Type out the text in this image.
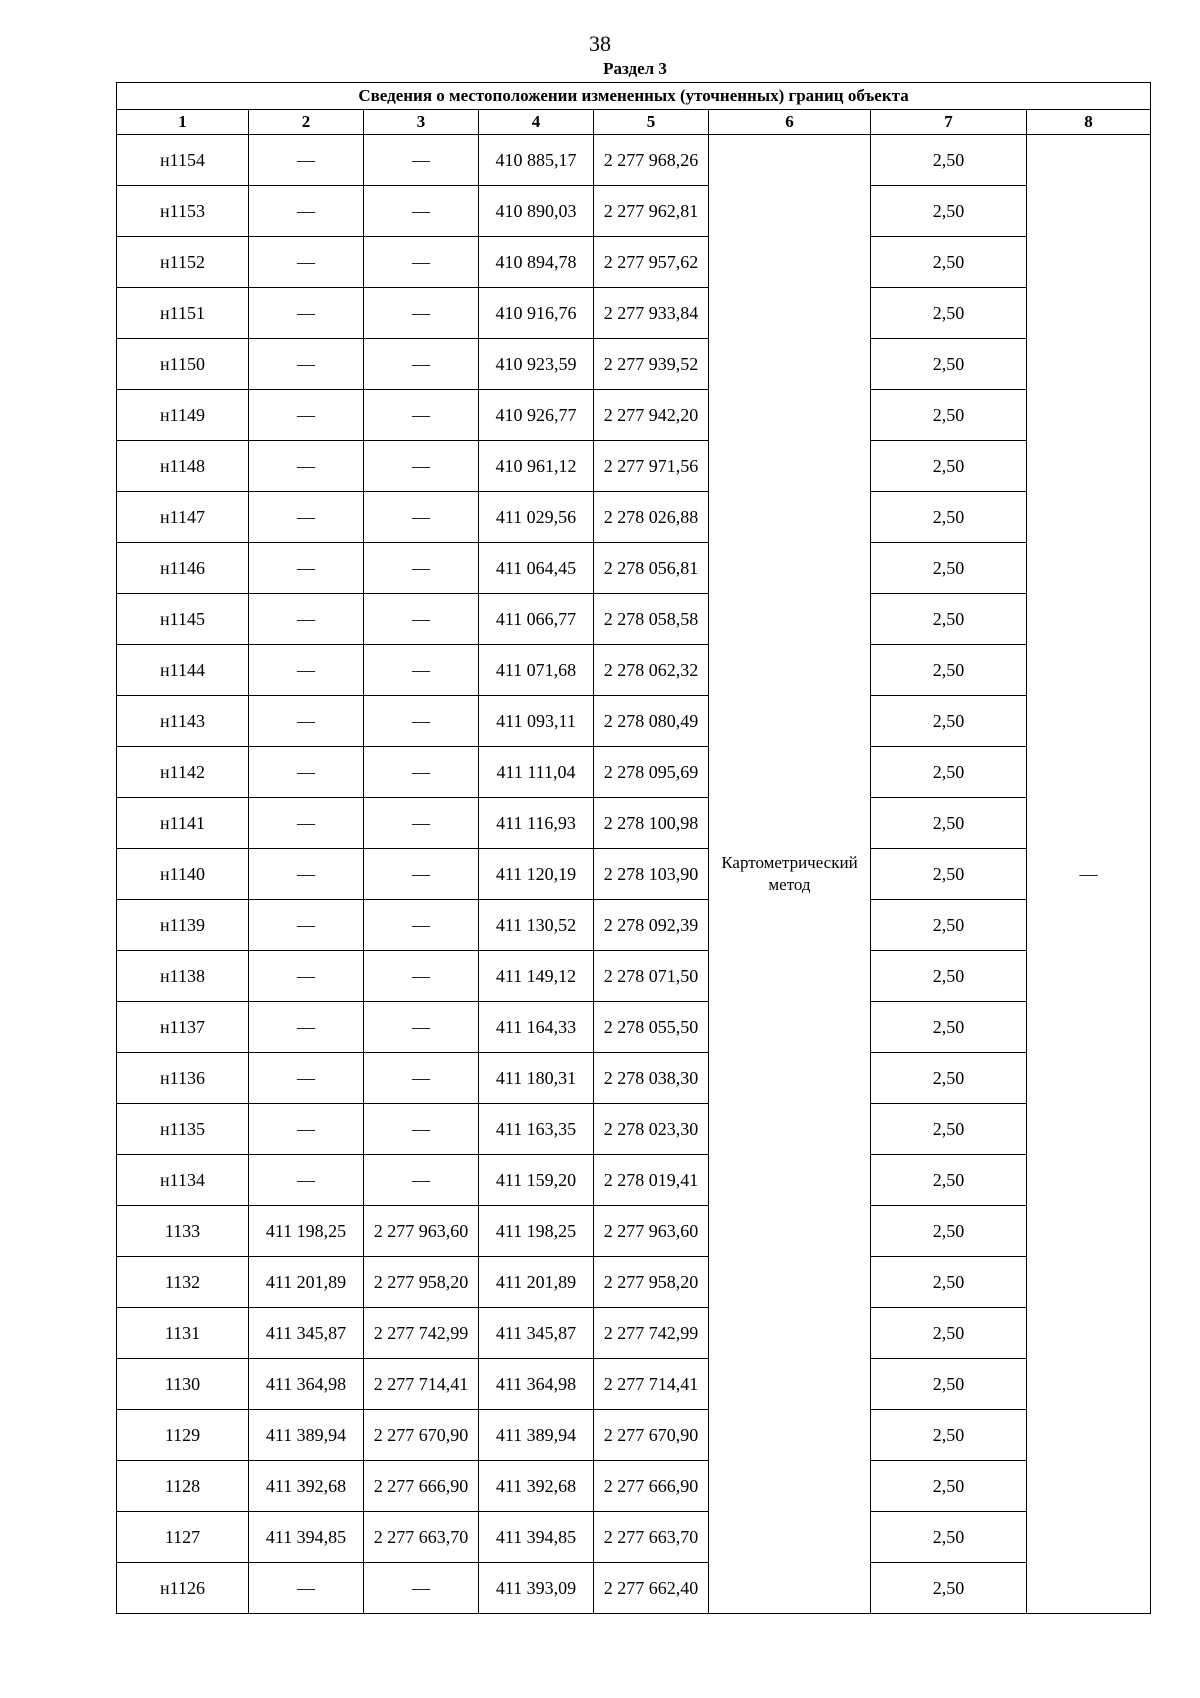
38
Раздел 3
Сведения о местоположении измененных (уточненных) границ объекта							
1	2	3	4	5	6	7	8
н1154	—	—	410 885,17	2 277 968,26	Картометрический метод	2,50	—
н1153	—	—	410 890,03	2 277 962,81		2,50	
н1152	—	—	410 894,78	2 277 957,62		2,50	
н1151	—	—	410 916,76	2 277 933,84		2,50	
н1150	—	—	410 923,59	2 277 939,52		2,50	
н1149	—	—	410 926,77	2 277 942,20		2,50	
н1148	—	—	410 961,12	2 277 971,56		2,50	
н1147	—	—	411 029,56	2 278 026,88		2,50	
н1146	—	—	411 064,45	2 278 056,81		2,50	
н1145	—	—	411 066,77	2 278 058,58		2,50	
н1144	—	—	411 071,68	2 278 062,32		2,50	
н1143	—	—	411 093,11	2 278 080,49		2,50	
н1142	—	—	411 111,04	2 278 095,69		2,50	
н1141	—	—	411 116,93	2 278 100,98		2,50	
н1140	—	—	411 120,19	2 278 103,90		2,50	
н1139	—	—	411 130,52	2 278 092,39		2,50	
н1138	—	—	411 149,12	2 278 071,50		2,50	
н1137	—	—	411 164,33	2 278 055,50		2,50	
н1136	—	—	411 180,31	2 278 038,30		2,50	
н1135	—	—	411 163,35	2 278 023,30		2,50	
н1134	—	—	411 159,20	2 278 019,41		2,50	
1133	411 198,25	2 277 963,60	411 198,25	2 277 963,60		2,50	
1132	411 201,89	2 277 958,20	411 201,89	2 277 958,20		2,50	
1131	411 345,87	2 277 742,99	411 345,87	2 277 742,99		2,50	
1130	411 364,98	2 277 714,41	411 364,98	2 277 714,41		2,50	
1129	411 389,94	2 277 670,90	411 389,94	2 277 670,90		2,50	
1128	411 392,68	2 277 666,90	411 392,68	2 277 666,90		2,50	
1127	411 394,85	2 277 663,70	411 394,85	2 277 663,70		2,50	
н1126	—	—	411 393,09	2 277 662,40		2,50	
